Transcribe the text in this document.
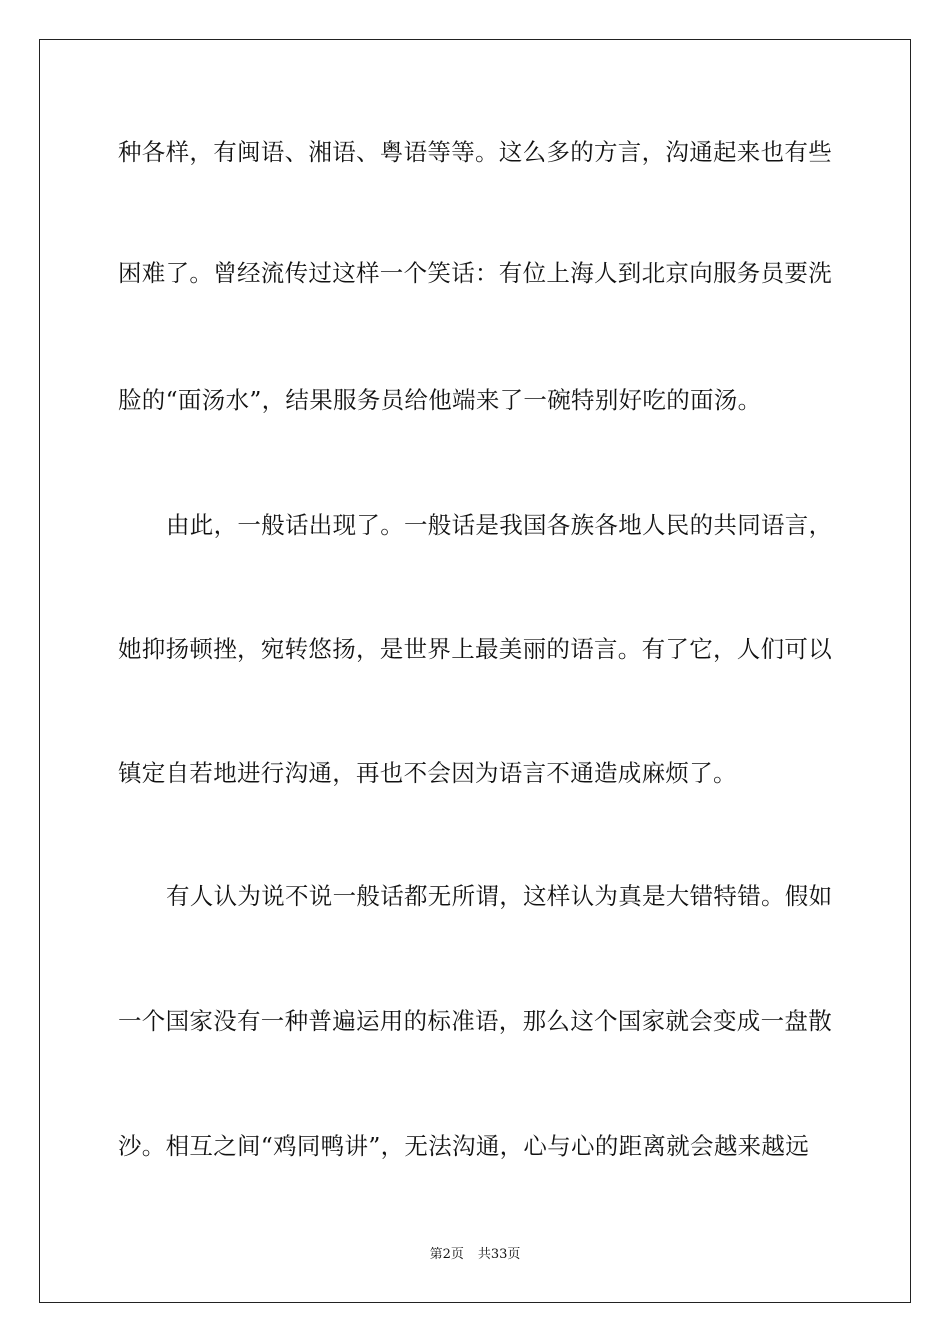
种各样，有闽语、湘语、粤语等等。这么多的方言，沟通起来也有些
困难了。曾经流传过这样一个笑话：有位上海人到北京向服务员要洗
脸的“面汤水”，结果服务员给他端来了一碗特别好吃的面汤。
由此，一般话出现了。一般话是我国各族各地人民的共同语言，
她抑扬顿挫，宛转悠扬，是世界上最美丽的语言。有了它，人们可以
镇定自若地进行沟通，再也不会因为语言不通造成麻烦了。
有人认为说不说一般话都无所谓，这样认为真是大错特错。假如
一个国家没有一种普遍运用的标准语，那么这个国家就会变成一盘散
沙。相互之间“鸡同鸭讲”，无法沟通，心与心的距离就会越来越远
第2页 共33页
